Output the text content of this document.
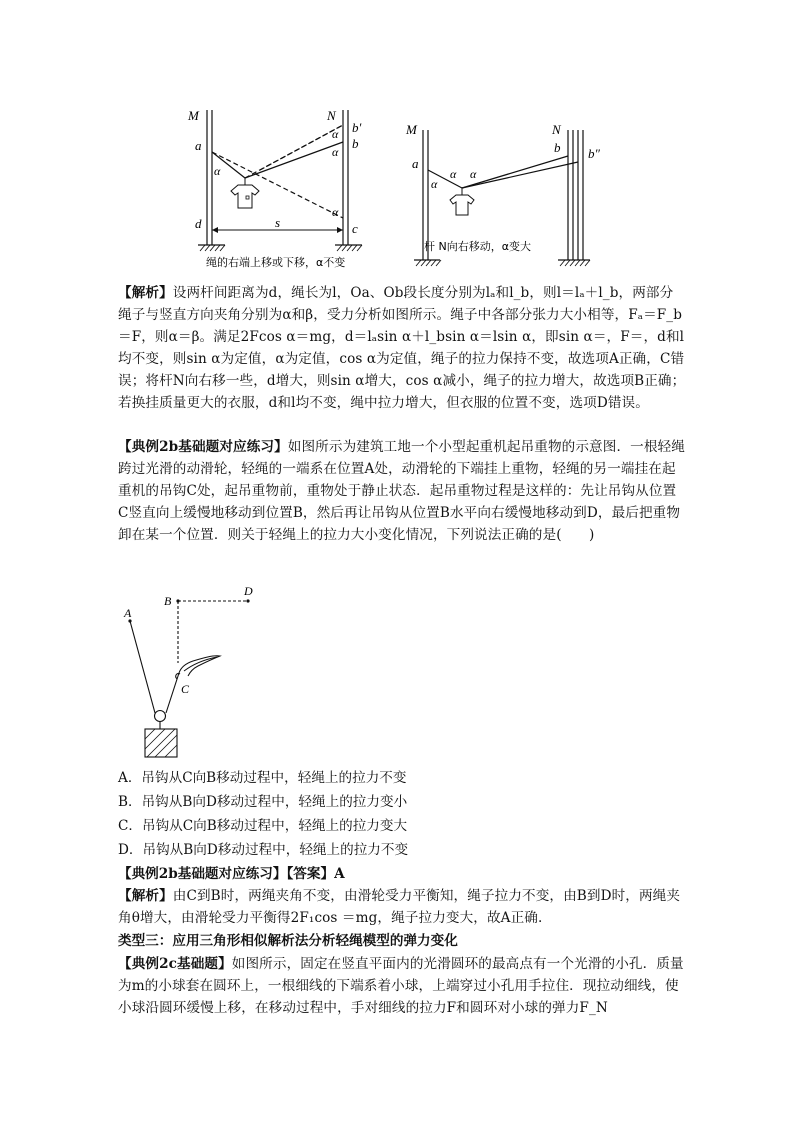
M	N
a
b′
b
c
d	s
α
α
α
α
绳的右端上移或下移，α不变
M	N
a
b b″
α
α α
杆 N向右移动，α变大
【解析】设两杆间距离为d，绳长为l，Oa、Ob段长度分别为lₐ和l_b，则l＝lₐ＋l_b，两部分绳子与竖直方向夹角分别为α和β，受力分析如图所示。绳子中各部分张力大小相等，Fₐ＝F_b＝F，则α＝β。满足2Fcos α＝mg，d＝lₐsin α＋l_bsin α＝lsin α，即sin α＝，F＝，d和l均不变，则sin α为定值，α为定值，cos α为定值，绳子的拉力保持不变，故选项A正确，C错误；将杆N向右移一些，d增大，则sin α增大，cos α减小，绳子的拉力增大，故选项B正确；若换挂质量更大的衣服，d和l均不变，绳中拉力增大，但衣服的位置不变，选项D错误。
【典例2b基础题对应练习】如图所示为建筑工地一个小型起重机起吊重物的示意图．一根轻绳跨过光滑的动滑轮，轻绳的一端系在位置A处，动滑轮的下端挂上重物，轻绳的另一端挂在起重机的吊钩C处，起吊重物前，重物处于静止状态．起吊重物过程是这样的：先让吊钩从位置C竖直向上缓慢地移动到位置B，然后再让吊钩从位置B水平向右缓慢地移动到D，最后把重物卸在某一个位置．则关于轻绳上的拉力大小变化情况，下列说法正确的是(　　)
A
B
C
D
A．吊钩从C向B移动过程中，轻绳上的拉力不变
B．吊钩从B向D移动过程中，轻绳上的拉力变小
C．吊钩从C向B移动过程中，轻绳上的拉力变大
D．吊钩从B向D移动过程中，轻绳上的拉力不变
【典例2b基础题对应练习】【答案】A
【解析】由C到B时，两绳夹角不变，由滑轮受力平衡知，绳子拉力不变，由B到D时，两绳夹角θ增大，由滑轮受力平衡得2F₁cos ＝mg，绳子拉力变大，故A正确.
类型三：应用三角形相似解析法分析轻绳模型的弹力变化
【典例2c基础题】如图所示，固定在竖直平面内的光滑圆环的最高点有一个光滑的小孔．质量为m的小球套在圆环上，一根细线的下端系着小球，上端穿过小孔用手拉住．现拉动细线，使小球沿圆环缓慢上移，在移动过程中，手对细线的拉力F和圆环对小球的弹力F_N
